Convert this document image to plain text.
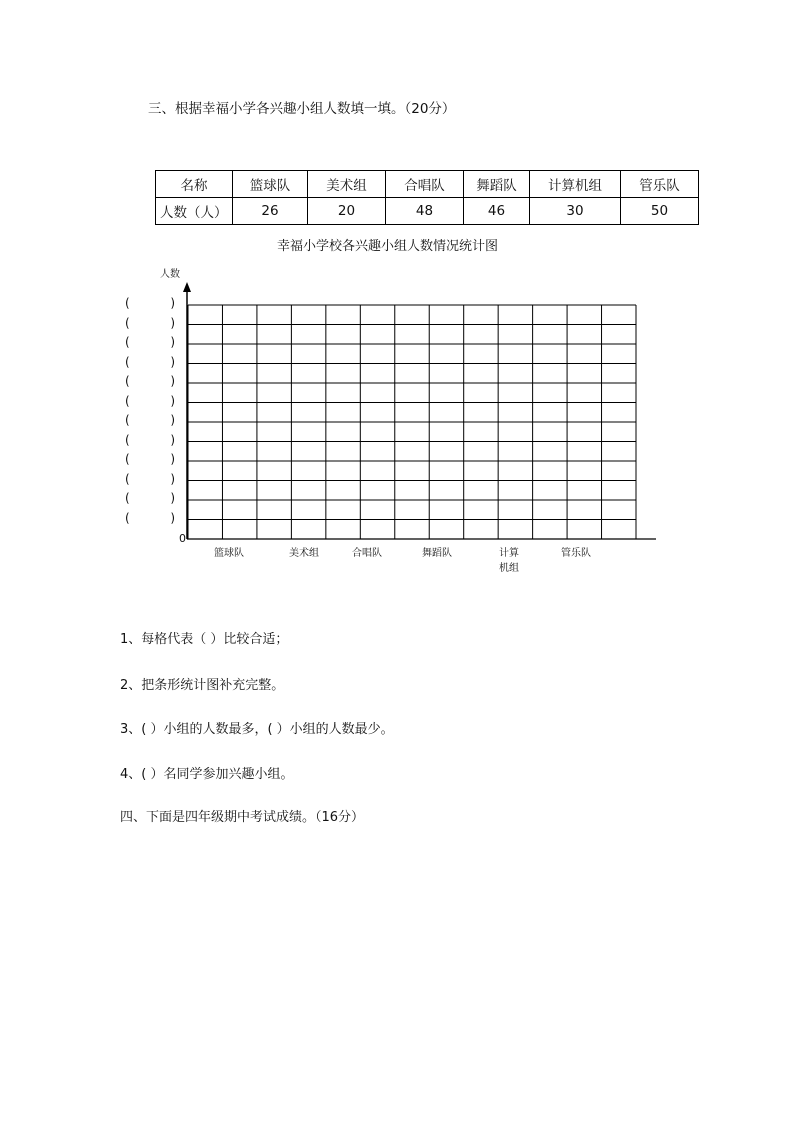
三、根据幸福小学各兴趣小组人数填一填。（20分）
名称	篮球队	美术组	合唱队	舞蹈队	计算机组	管乐队
人数（人）	26	20	48	46	30	50
幸福小学校各兴趣小组人数情况统计图
人数
0
(	)
(	)
(	)
(	)
(	)
(	)
(	)
(	)
(	)
(	)
(	)
(	)
篮球队	美术组	合唱队	舞蹈队	计算
机组
管乐队
1、每格代表（ ）比较合适；
2、把条形统计图补充完整。
3、( ）小组的人数最多，( ）小组的人数最少。
4、( ）名同学参加兴趣小组。
四、下面是四年级期中考试成绩。（16分）
